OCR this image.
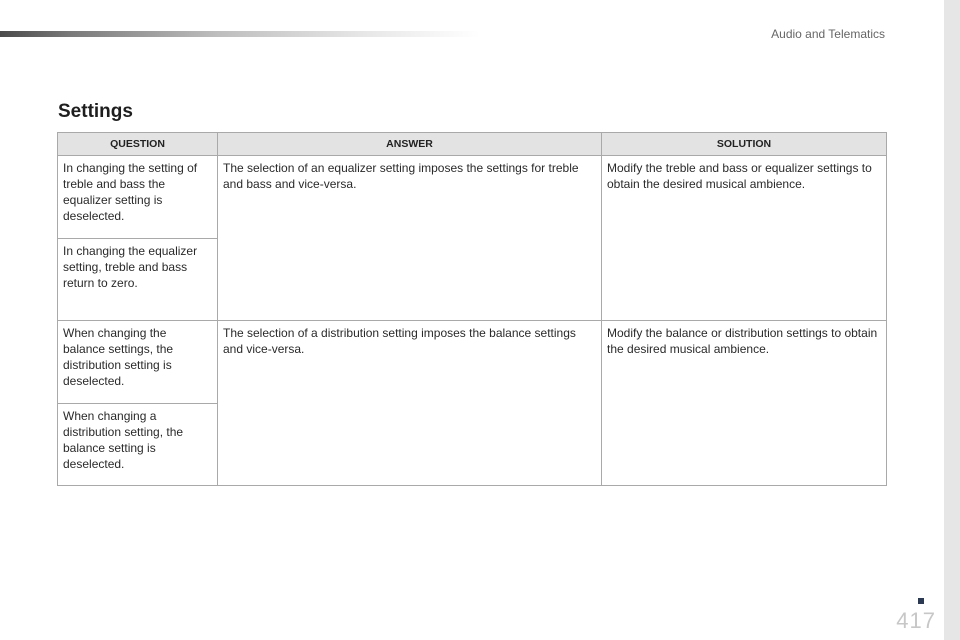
Audio and Telematics
Settings
QUESTION	ANSWER	SOLUTION
In changing the setting of treble and bass the equalizer setting is deselected.	The selection of an equalizer setting imposes the settings for treble and bass and vice-versa.	Modify the treble and bass or equalizer settings to obtain the desired musical ambience.
In changing the equalizer setting, treble and bass return to zero.		
When changing the balance settings, the distribution setting is deselected.	The selection of a distribution setting imposes the balance settings and vice-versa.	Modify the balance or distribution settings to obtain the desired musical ambience.
When changing a distribution setting, the balance setting is deselected.		
417
